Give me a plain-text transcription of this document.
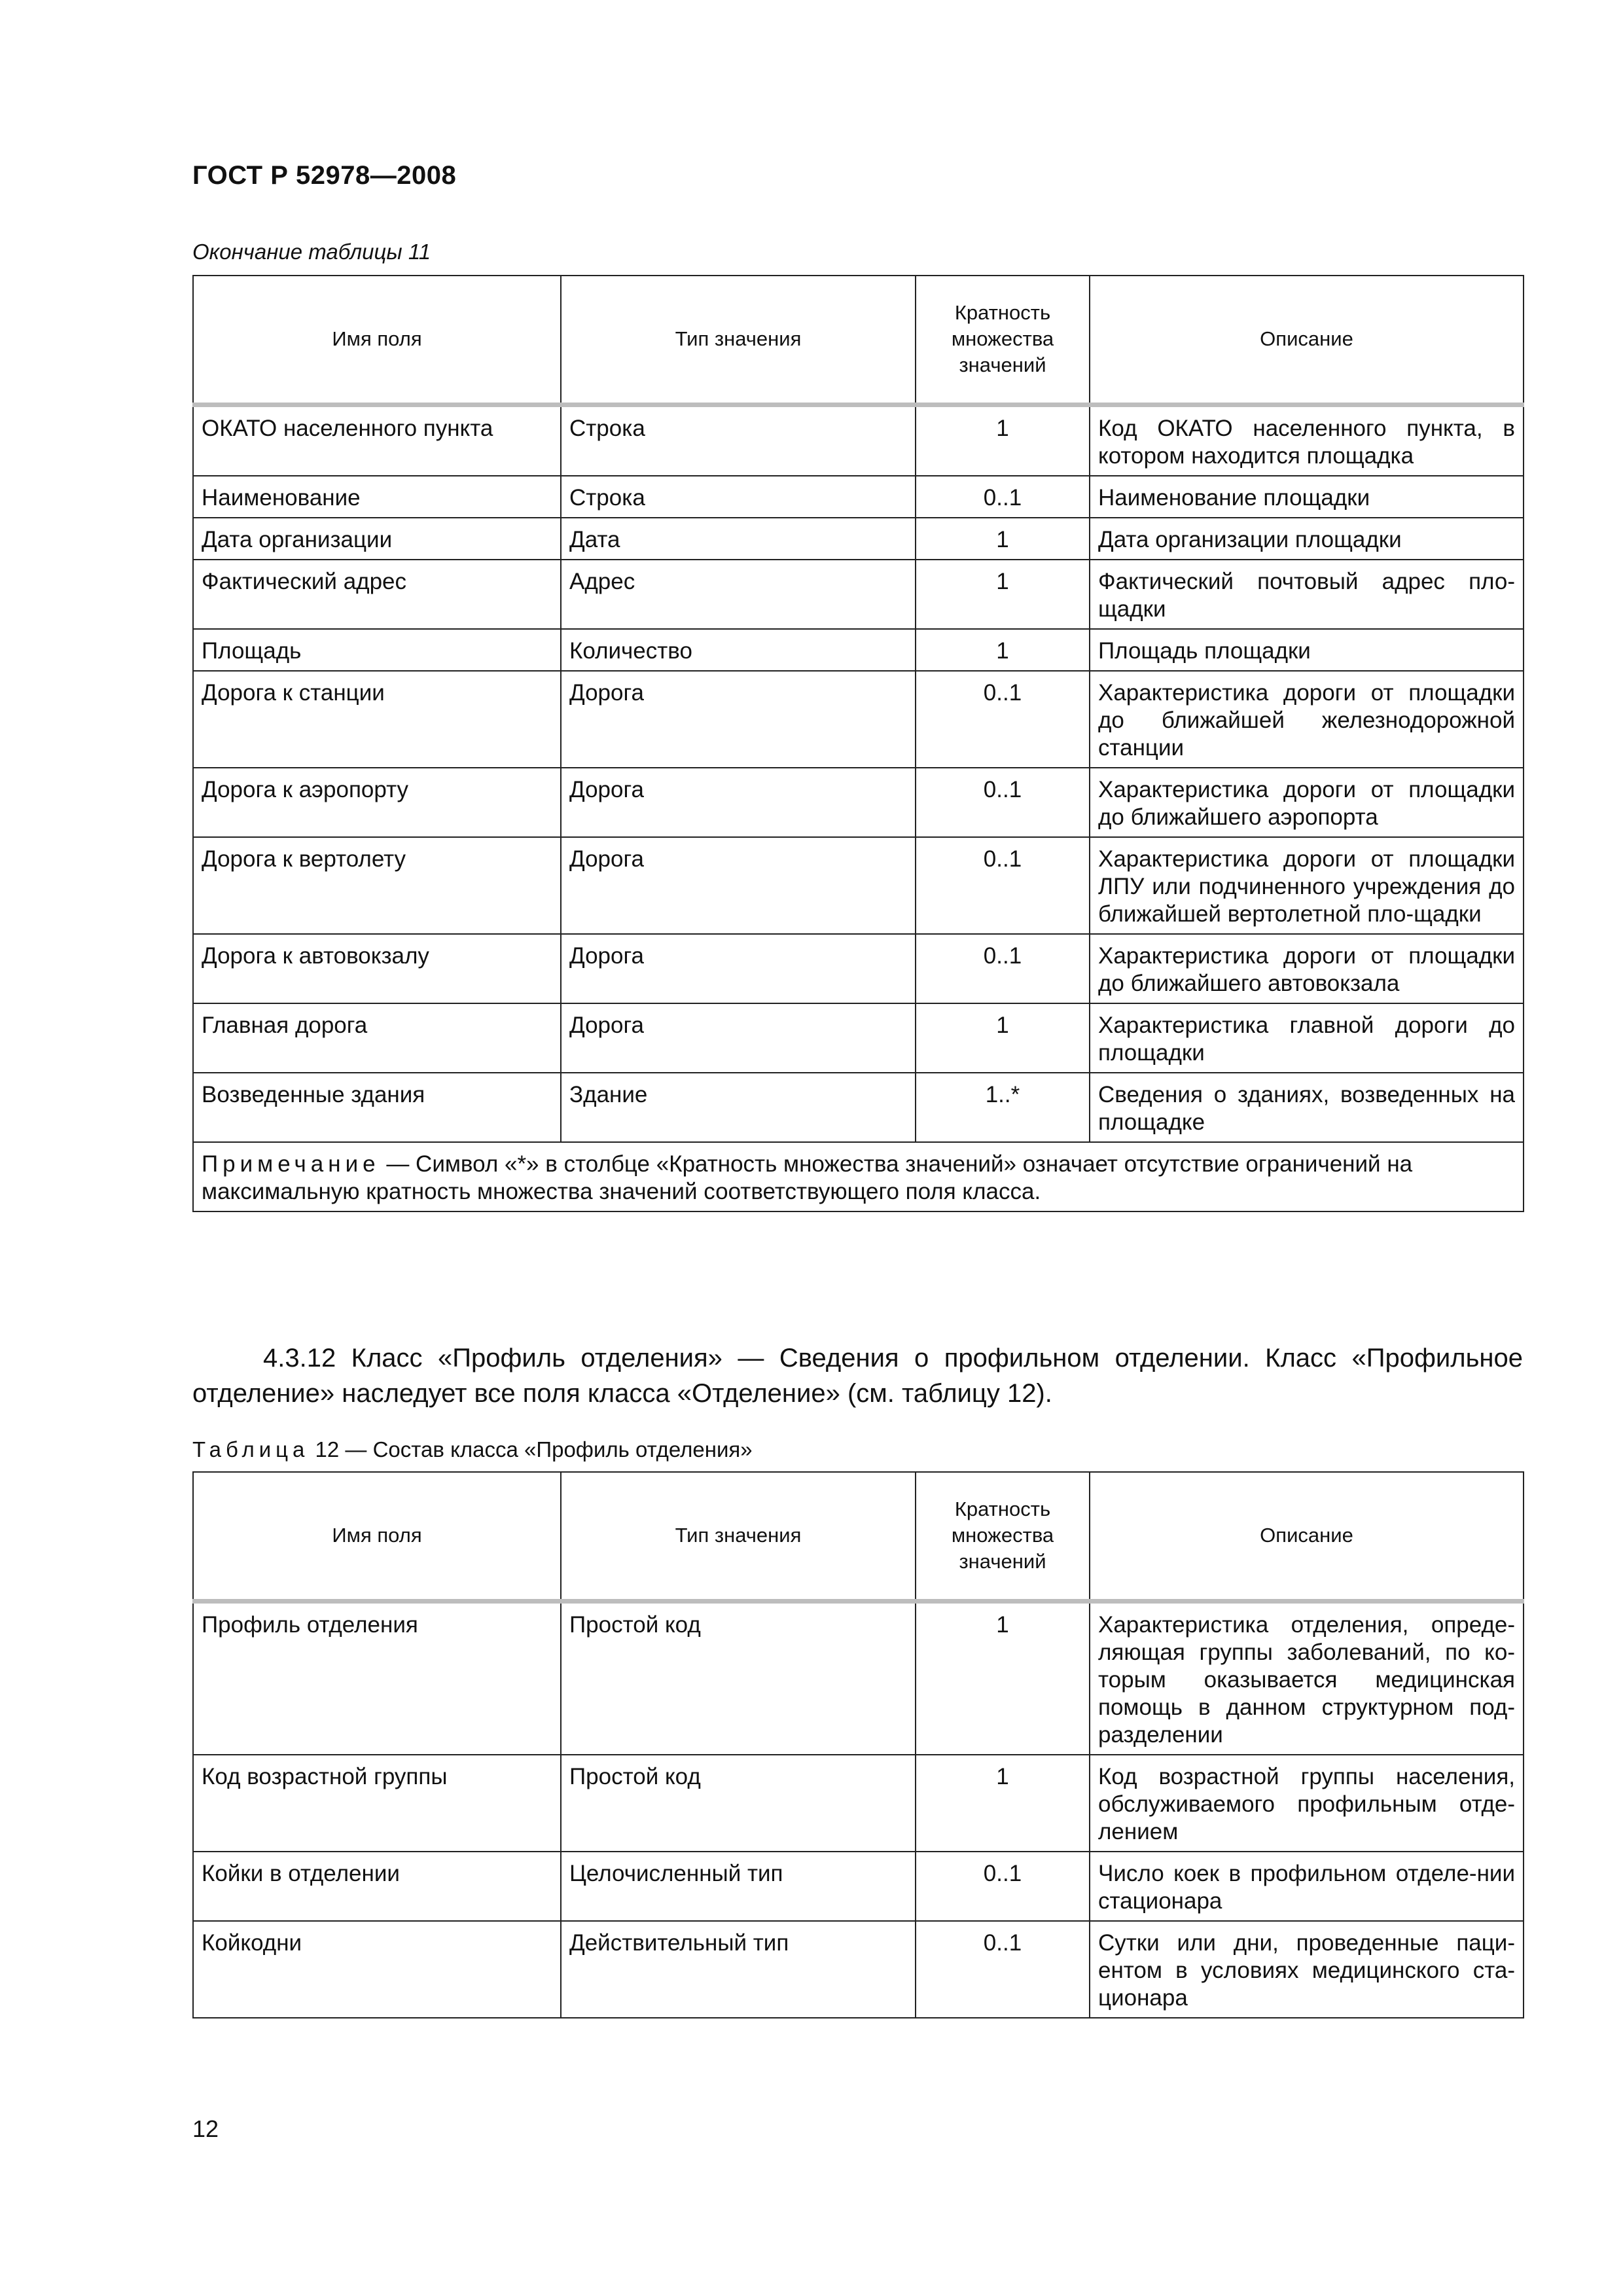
ГОСТ Р 52978—2008
Окончание таблицы 11
Имя поля	Тип значения	Кратность множества значений	Описание
ОКАТО населенного пункта	Строка	1	Код ОКАТО населенного пункта, в котором находится площадка
Наименование	Строка	0..1	Наименование площадки
Дата организации	Дата	1	Дата организации площадки
Фактический адрес	Адрес	1	Фактический почтовый адрес пло-щадки
Площадь	Количество	1	Площадь площадки
Дорога к станции	Дорога	0..1	Характеристика дороги от площадки до ближайшей железнодорожной станции
Дорога к аэропорту	Дорога	0..1	Характеристика дороги от площадки до ближайшего аэропорта
Дорога к вертолету	Дорога	0..1	Характеристика дороги от площадки ЛПУ или подчиненного учреждения до ближайшей вертолетной пло-щадки
Дорога к автовокзалу	Дорога	0..1	Характеристика дороги от площадки до ближайшего автовокзала
Главная дорога	Дорога	1	Характеристика главной дороги до площадки
Возведенные здания	Здание	1..*	Сведения о зданиях, возведенных на площадке
Примечание — Символ «*» в столбце «Кратность множества значений» означает отсутствие ограничений на максимальную кратность множества значений соответствующего поля класса.			
4.3.12 Класс «Профиль отделения» — Сведения о профильном отделении. Класс «Профильное отделение» наследует все поля класса «Отделение» (см. таблицу 12).
Таблица 12 — Состав класса «Профиль отделения»
Имя поля	Тип значения	Кратность множества значений	Описание
Профиль отделения	Простой код	1	Характеристика отделения, опреде-ляющая группы заболеваний, по ко-торым оказывается медицинская помощь в данном структурном под-разделении
Код возрастной группы	Простой код	1	Код возрастной группы населения, обслуживаемого профильным отде-лением
Койки в отделении	Целочисленный тип	0..1	Число коек в профильном отделе-нии стационара
Койкодни	Действительный тип	0..1	Сутки или дни, проведенные паци-ентом в условиях медицинского ста-ционара
12
